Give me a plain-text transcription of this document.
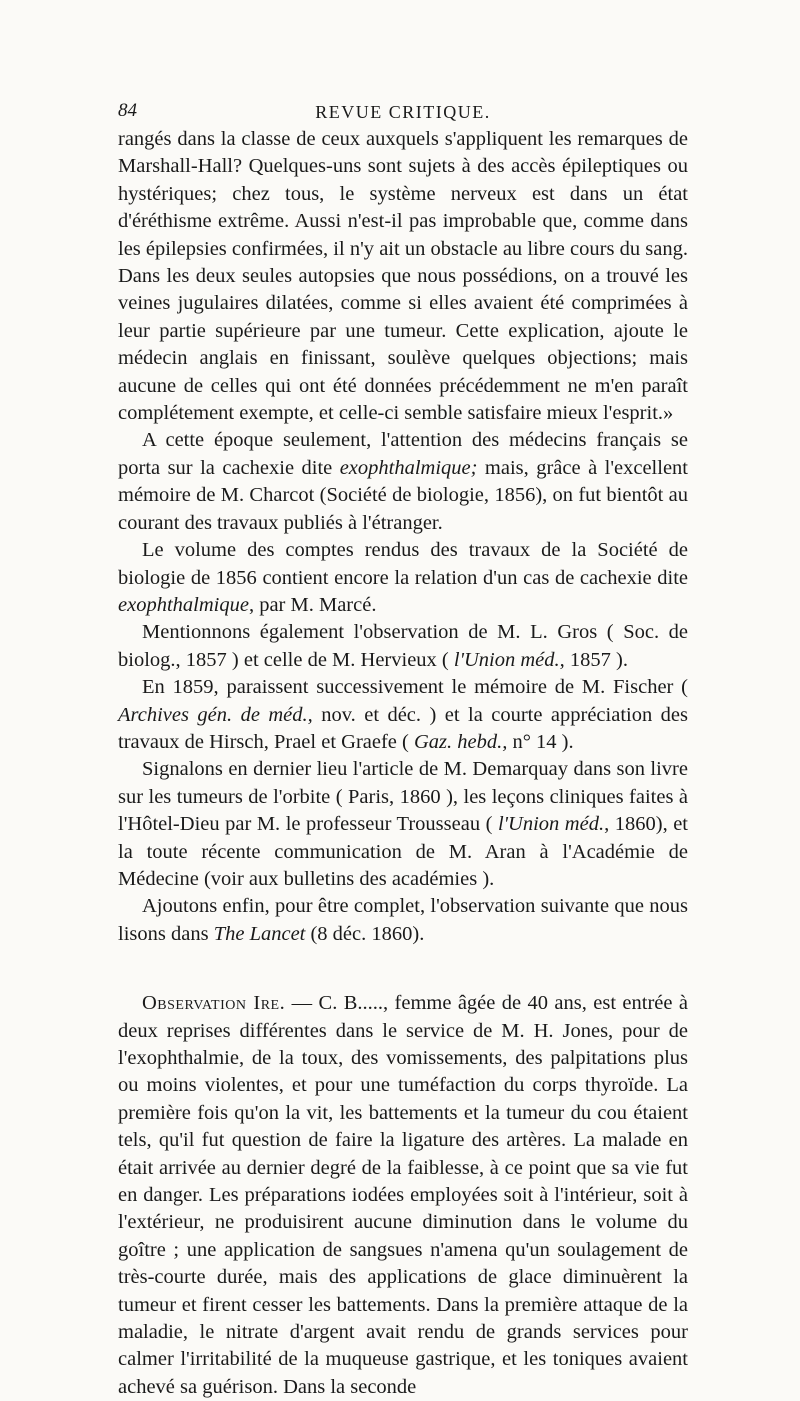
84	REVUE CRITIQUE.

rangés dans la classe de ceux auxquels s'appliquent les remarques de Marshall-Hall? Quelques-uns sont sujets à des accès épileptiques ou hystériques; chez tous, le système nerveux est dans un état d'éréthisme extrême. Aussi n'est-il pas improbable que, comme dans les épilepsies confirmées, il n'y ait un obstacle au libre cours du sang. Dans les deux seules autopsies que nous possédions, on a trouvé les veines jugulaires dilatées, comme si elles avaient été comprimées à leur partie supérieure par une tumeur. Cette explication, ajoute le médecin anglais en finissant, soulève quelques objections; mais aucune de celles qui ont été données précédemment ne m'en paraît complétement exempte, et celle-ci semble satisfaire mieux l'esprit.»

A cette époque seulement, l'attention des médecins français se porta sur la cachexie dite exophthalmique; mais, grâce à l'excellent mémoire de M. Charcot (Société de biologie, 1856), on fut bientôt au courant des travaux publiés à l'étranger.

Le volume des comptes rendus des travaux de la Société de biologie de 1856 contient encore la relation d'un cas de cachexie dite exophthalmique, par M. Marcé.

Mentionnons également l'observation de M. L. Gros ( Soc. de biolog., 1857 ) et celle de M. Hervieux ( l'Union méd., 1857 ).

En 1859, paraissent successivement le mémoire de M. Fischer ( Archives gén. de méd., nov. et déc. ) et la courte appréciation des travaux de Hirsch, Prael et Graefe ( Gaz. hebd., n° 14 ).

Signalons en dernier lieu l'article de M. Demarquay dans son livre sur les tumeurs de l'orbite ( Paris, 1860 ), les leçons cliniques faites à l'Hôtel-Dieu par M. le professeur Trousseau ( l'Union méd., 1860), et la toute récente communication de M. Aran à l'Académie de Médecine (voir aux bulletins des académies ).

Ajoutons enfin, pour être complet, l'observation suivante que nous lisons dans The Lancet (8 déc. 1860).

Observation Ire. — C. B....., femme âgée de 40 ans, est entrée à deux reprises différentes dans le service de M. H. Jones, pour de l'exophthalmie, de la toux, des vomissements, des palpitations plus ou moins violentes, et pour une tuméfaction du corps thyroïde. La première fois qu'on la vit, les battements et la tumeur du cou étaient tels, qu'il fut question de faire la ligature des artères. La malade en était arrivée au dernier degré de la faiblesse, à ce point que sa vie fut en danger. Les préparations iodées employées soit à l'intérieur, soit à l'extérieur, ne produisirent aucune diminution dans le volume du goître ; une application de sangsues n'amena qu'un soulagement de très-courte durée, mais des applications de glace diminuèrent la tumeur et firent cesser les battements. Dans la première attaque de la maladie, le nitrate d'argent avait rendu de grands services pour calmer l'irritabilité de la muqueuse gastrique, et les toniques avaient achevé sa guérison. Dans la seconde
